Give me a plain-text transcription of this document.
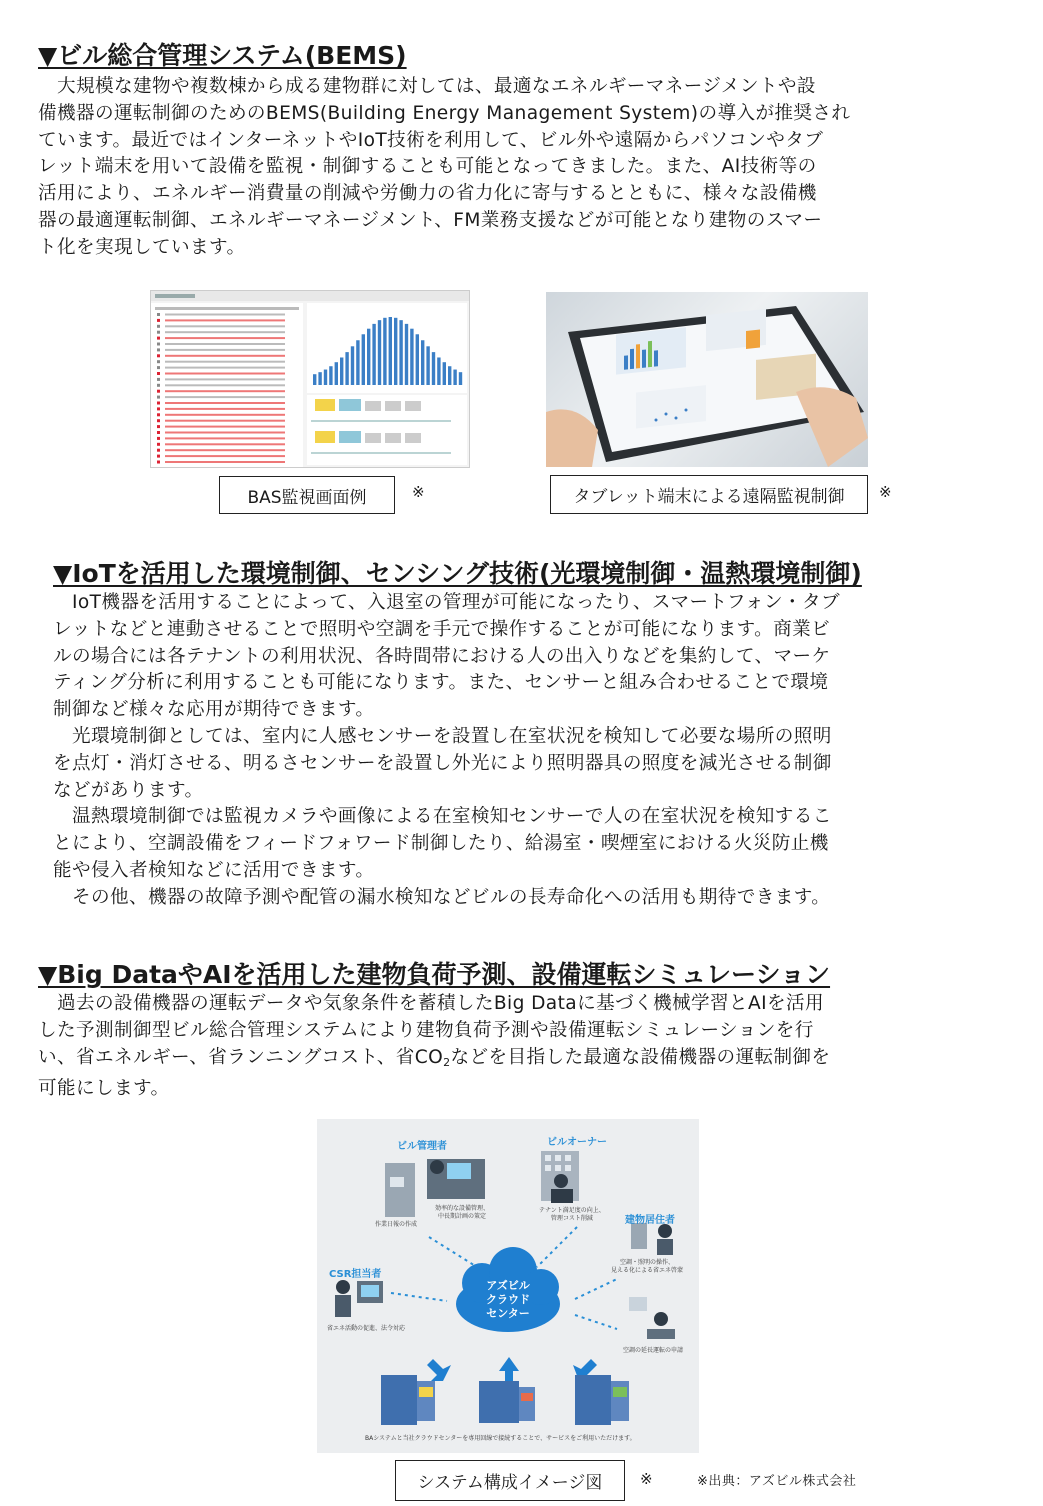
▼ビル総合管理システム(BEMS)
　大規模な建物や複数棟から成る建物群に対しては、最適なエネルギーマネージメントや設
備機器の運転制御のためのBEMS(Building Energy Management System)の導入が推奨され
ています。最近ではインターネットやIoT技術を利用して、ビル外や遠隔からパソコンやタブ
レット端末を用いて設備を監視・制御することも可能となってきました。また、AI技術等の
活用により、エネルギー消費量の削減や労働力の省力化に寄与するとともに、様々な設備機
器の最適運転制御、エネルギーマネージメント、FM業務支援などが可能となり建物のスマー
ト化を実現しています。
BAS監視画面例	※	タブレット端末による遠隔監視制御	※
▼IoTを活用した環境制御、センシング技術(光環境制御・温熱環境制御)
　IoT機器を活用することによって、入退室の管理が可能になったり、スマートフォン・タブ
レットなどと連動させることで照明や空調を手元で操作することが可能になります。商業ビ
ルの場合には各テナントの利用状況、各時間帯における人の出入りなどを集約して、マーケ
ティング分析に利用することも可能になります。また、センサーと組み合わせることで環境
制御など様々な応用が期待できます。
　光環境制御としては、室内に人感センサーを設置し在室状況を検知して必要な場所の照明
を点灯・消灯させる、明るさセンサーを設置し外光により照明器具の照度を減光させる制御
などがあります。
　温熱環境制御では監視カメラや画像による在室検知センサーで人の在室状況を検知するこ
とにより、空調設備をフィードフォワード制御したり、給湯室・喫煙室における火災防止機
能や侵入者検知などに活用できます。
　その他、機器の故障予測や配管の漏水検知などビルの長寿命化への活用も期待できます。
▼Big DataやAIを活用した建物負荷予測、設備運転シミュレーション
　過去の設備機器の運転データや気象条件を蓄積したBig Dataに基づく機械学習とAIを活用
した予測制御型ビル総合管理システムにより建物負荷予測や設備運転シミュレーションを行
い、省エネルギー、省ランニングコスト、省$CO_2$などを目指した最適な設備機器の運転制御を
可能にします。
ビル管理者	ビルオーナー
建物居住者
CSR担当者
アズビル
クラウド
センター
作業日報の作成
効率的な設備管理、
中長期計画の策定
テナント満足度の向上、
管理コスト削減
空調・照明の操作、
見える化による省エネ啓蒙
空調の延長運転の申請
省エネ活動の促進、法令対応
BAシステムと当社クラウドセンターを専用回線で接続することで、サービスをご利用いただけます。
システム構成イメージ図	※	※出典：アズビル株式会社
